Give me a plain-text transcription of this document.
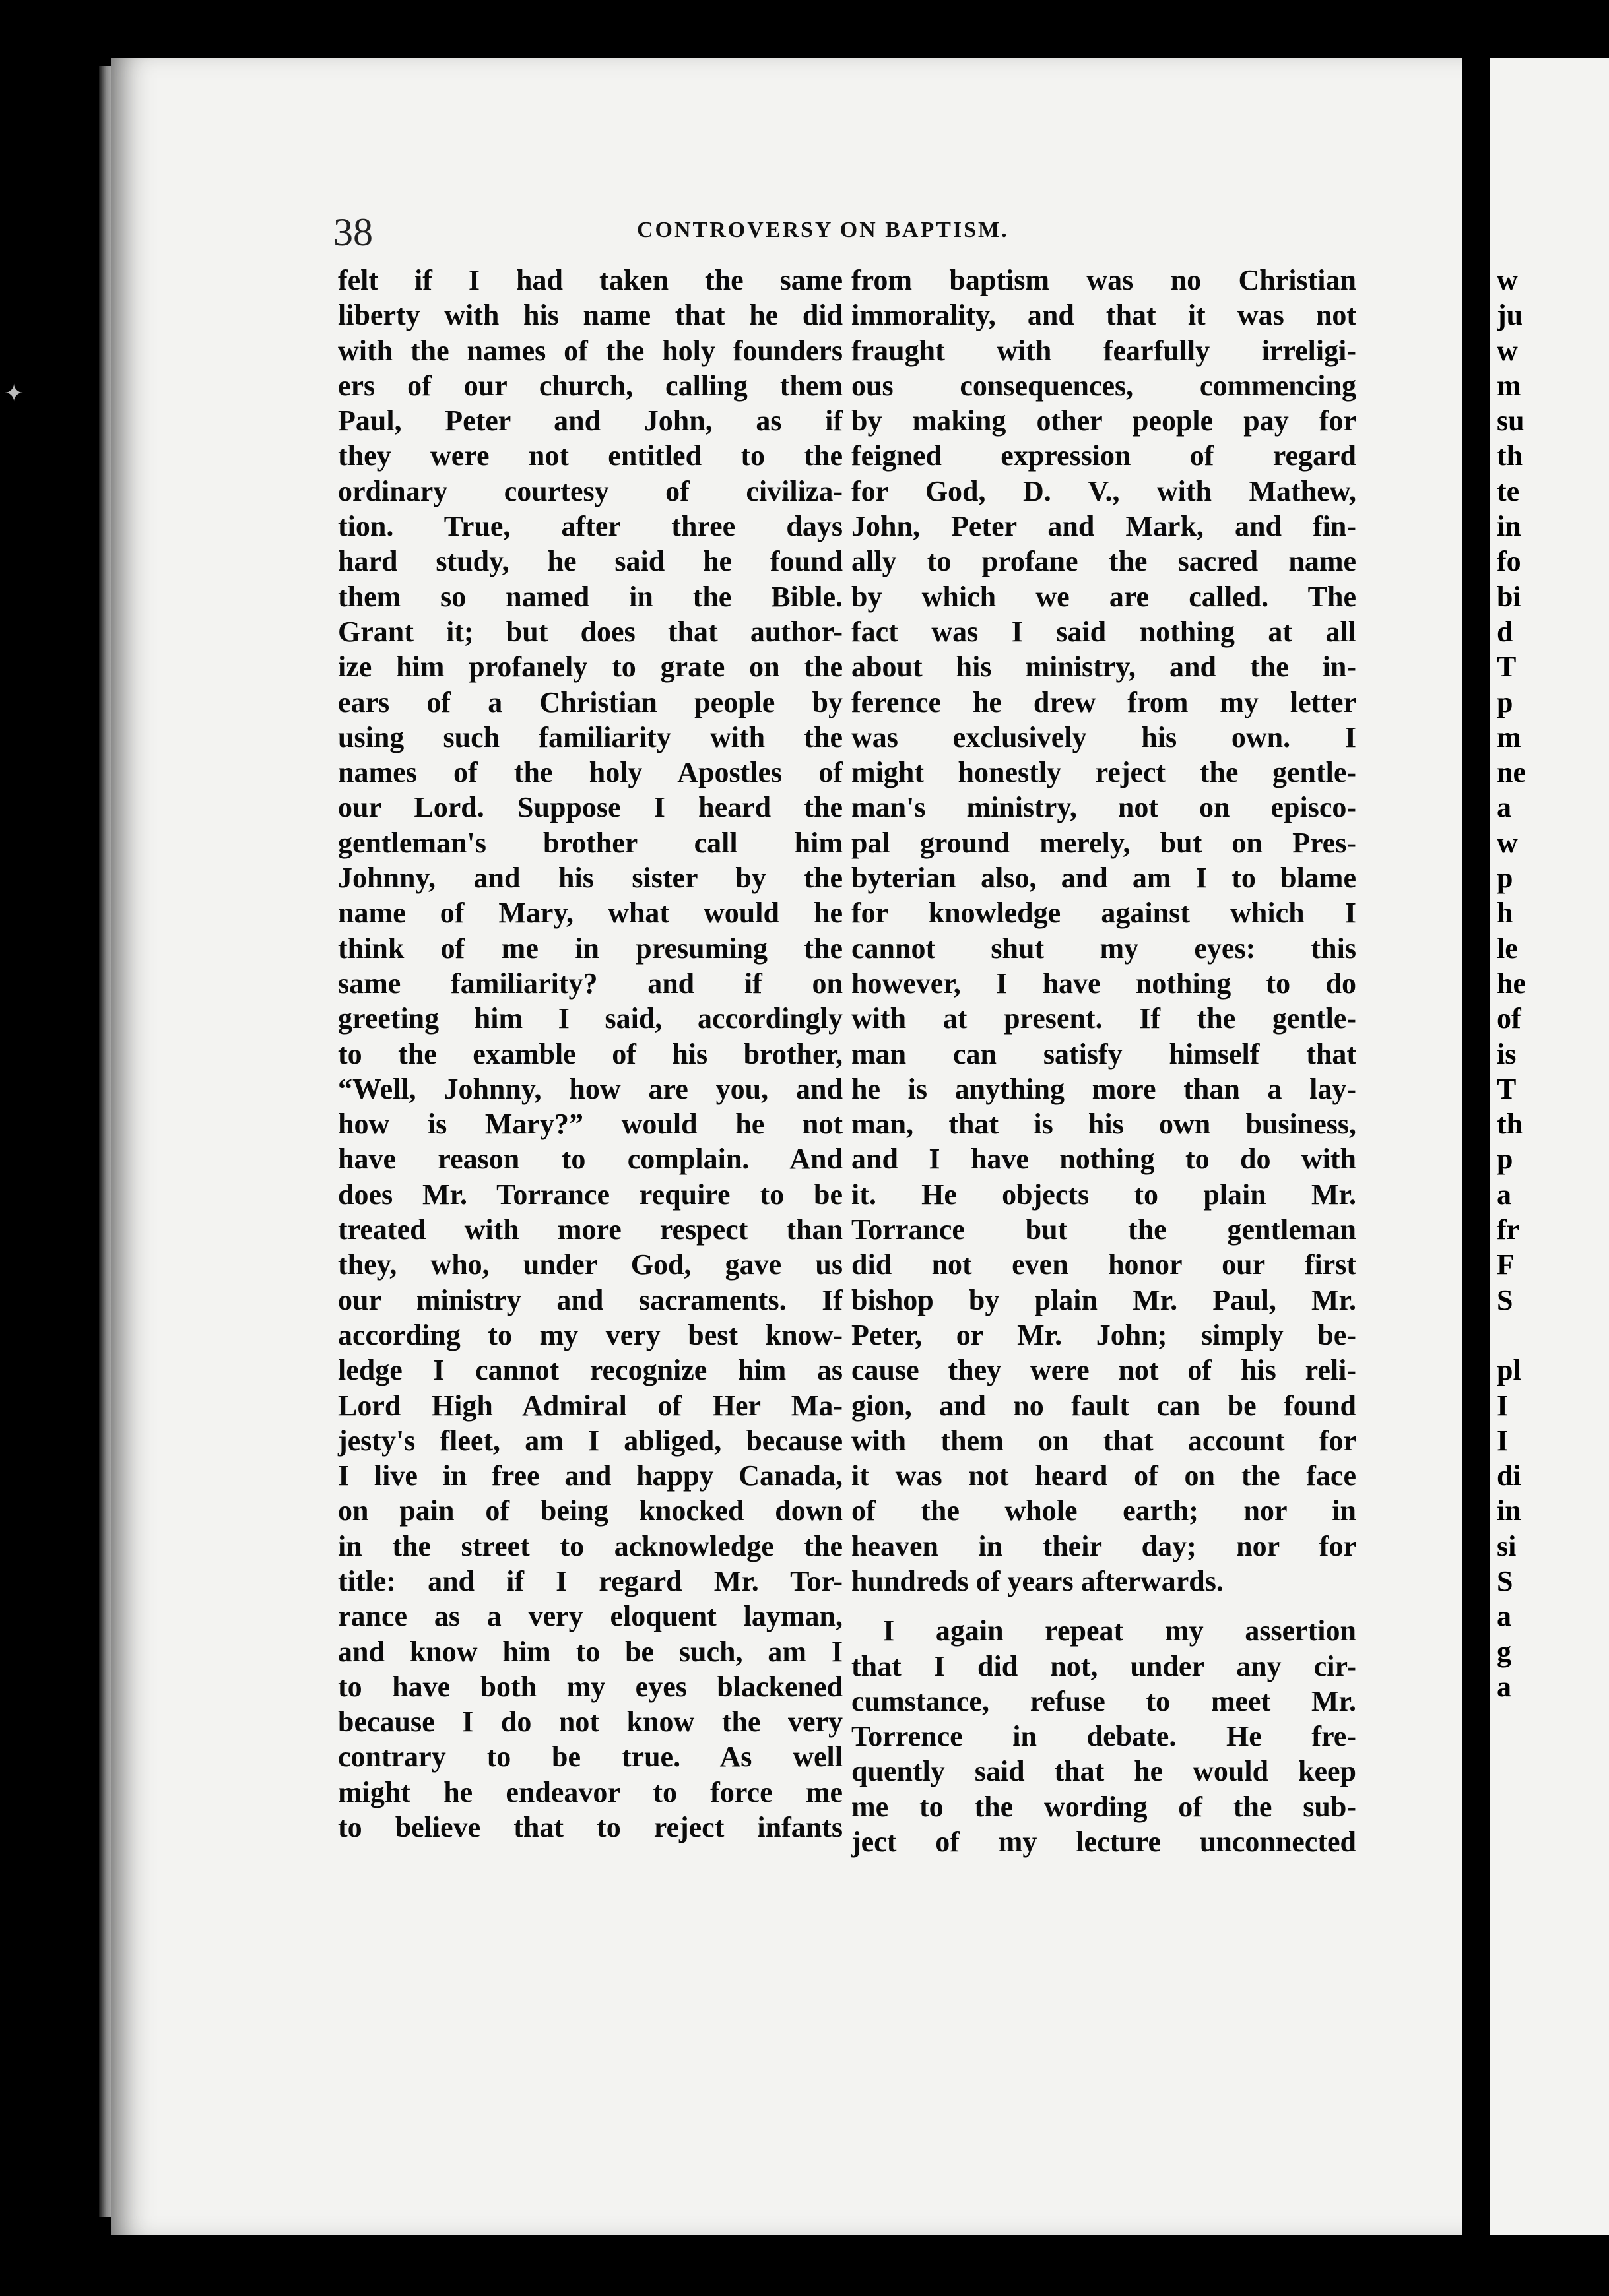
✦
38	CONTROVERSY ON BAPTISM.
felt if I had taken the same
liberty with his name that he did
with the names of the holy founders
ers of our church, calling them
Paul, Peter and John, as if
they were not entitled to the
ordinary courtesy of civiliza-
tion. True, after three days
hard study, he said he found
them so named in the Bible.
Grant it; but does that author-
ize him profanely to grate on the
ears of a Christian people by
using such familiarity with the
names of the holy Apostles of
our Lord. Suppose I heard the
gentleman's brother call him
Johnny, and his sister by the
name of Mary, what would he
think of me in presuming the
same familiarity? and if on
greeting him I said, accordingly
to the examble of his brother,
“Well, Johnny, how are you, and
how is Mary?” would he not
have reason to complain. And
does Mr. Torrance require to be
treated with more respect than
they, who, under God, gave us
our ministry and sacraments. If
according to my very best know-
ledge I cannot recognize him as
Lord High Admiral of Her Ma-
jesty's fleet, am I abliged, because
I live in free and happy Canada,
on pain of being knocked down
in the street to acknowledge the
title: and if I regard Mr. Tor-
rance as a very eloquent layman,
and know him to be such, am I
to have both my eyes blackened
because I do not know the very
contrary to be true. As well
might he endeavor to force me
to believe that to reject infants
from baptism was no Christian
immorality, and that it was not
fraught with fearfully irreligi-
ous consequences, commencing
by making other people pay for
feigned expression of regard
for God, D. V., with Mathew,
John, Peter and Mark, and fin-
ally to profane the sacred name
by which we are called. The
fact was I said nothing at all
about his ministry, and the in-
ference he drew from my letter
was exclusively his own. I
might honestly reject the gentle-
man's ministry, not on episco-
pal ground merely, but on Pres-
byterian also, and am I to blame
for knowledge against which I
cannot shut my eyes: this
however, I have nothing to do
with at present. If the gentle-
man can satisfy himself that
he is anything more than a lay-
man, that is his own business,
and I have nothing to do with
it. He objects to plain Mr.
Torrance but the gentleman
did not even honor our first
bishop by plain Mr. Paul, Mr.
Peter, or Mr. John; simply be-
cause they were not of his reli-
gion, and no fault can be found
with them on that account for
it was not heard of on the face
of the whole earth; nor in
heaven in their day; nor for
hundreds of years afterwards.
I again repeat my assertion
that I did not, under any cir-
cumstance, refuse to meet Mr.
Torrence in debate. He fre-
quently said that he would keep
me to the wording of the sub-
ject of my lecture unconnected
w
ju
w
m
su
th
te
in
fo
bi
d
T
p
m
ne
a
w
p
h
le
he
of
is
T
th
p
a
fr
F
S
pl
I
I
di
in
si
S
a
g
a
